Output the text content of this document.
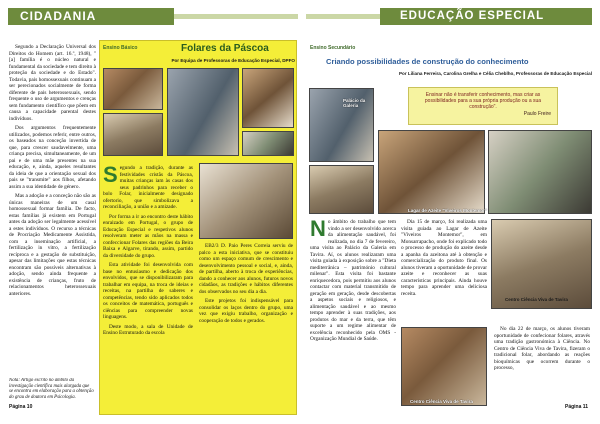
CIDADANIA

Segundo a Declaração Universal dos Direitos do Homem (art. 16.º, 1948), "[a] família é o núcleo natural e fundamental da sociedade e tem direito à proteção da sociedade e do Estado". Todavia, pais homossexuais continuam a ser perecionados socialmente de forma diferente de pais heterossexuais, sendo frequente o uso de argumentos e crenças sem fundamento científico que põem em causa a capacidade parental destes indivíduos.

Dos argumentos frequentemente utilizados, podemos referir, entre outros, os baseados na conceção invertida de que, para crescer saudavelmente, uma criança precisa, simultaneamente, de um pai e de uma mãe presentes na sua educação, e, ainda, aqueles resultantes da ideia de que a orientação sexual dos pais se "transmite" aos filhos, afetando assim a sua identidade de género.

Mas a adoção e a conceção não são as únicas maneiras de um casal homossexual formar família. De facto, estas famílias já existem em Portugal antes da adoção ser legalmente acessível a estes indivíduos. O recurso a técnicas de Procriação Medicamente Assistida, com a inseminação artificial, a fertilização in vitro, a fertilização recíproca e a gestação de substituição, apesar das limitações que estas técnicas encontram são possíveis alternativas à adoção, sendo ainda frequente a existência de crianças, fruto de relacionamentos heterossexuais anteriores.

Nota: Artigo escrito no âmbito da investigação científica mais alargada que se encontra em elaboração para a obtenção do grau de doutora em Psicologia.
Página 10
Ensino Básico	Folares da Páscoa
Por Equipa de Professoras de Educação Especial, DPFO
S egundo a tradição, durante as festividades cristãs da Páscoa, muitas crianças iam às casas dos seus padrinhos para receber o bolo Folar, inicialmente designado ofertorio, que simbolizava a reconciliação, a união e a amizade.

Por forma a ir ao encontro deste hábito enraizado em Portugal, o grupo de Educação Especial e respetivos alunos resolveram meter as mãos na massa e confeccionar Folares das regiões da Beira Baixa e Algarve, tirando, assim, partido da diversidade do grupo.

Esta atividade foi desenvolvida com base no entusiasmo e dedicação dos envolvidos, que se disponibilizaram para trabalhar em equipa, na troca de ideias e receitas, na partilha de saberes e competências, tendo sido aplicados todos os conceitos de matemática, português e ciências para compreender novas linguagens.

Deste modo, a sala de Unidade de Ensino Estruturado da escola

EB2/3 D. Paio Peres Correia serviu de palco a esta iniciativa, que se constituiu como um espaço comum de crescimento e desenvolvimento pessoal e social, e, ainda, de partilha, aberto à troca de experiências, dando a conhecer aos alunos, futuros novos cidadãos, as tradições e hábitos diferentes dos observados no seu dia a dia.

Este projetos foi indispensável para consolidar os laços dentro do grupo, uma vez que exigiu trabalho, organização e cooperação de todos e gerados.

EDUCAÇÃO ESPECIAL
Ensino Secundário
Criando possibilidades de construção do conhecimento
Por Liliana Ferreira, Carolina Grelha e Célia Cheblho, Professoras de Educação Especial
Ensinar não é transferir conhecimento, mas criar as possibilidades para a sua própria produção ou a sua construção".
Paulo Freire
Palácio da Galeria
Lagar de Azeite "Viveiros Montemor"
N o âmbito do trabalho que tem vindo a ser desenvolvido acerca da alimentação saudável, foi realizada, no dia 7 de fevereiro, uma visita ao Palácio da Galeria em Tavira. Aí, os alunos realizaram uma visita guiada à exposição sobre a "Dieta mediterrânica – património cultural milenar". Esta visita foi bastante enriquecedora, pois permitiu aos alunos contactar com material transmitido de geração em geração, desde descobertas a aspetos sociais e religiosos, e alimentação saudável e ao mesmo tempo aprender à suas tradições, aos produtos do mar e da terra, que têm suporte a um regime alimentar de excelência reconhecido pela OMS - Organização Mundial de Saúde.

Dia 15 de março, foi realizada uma visita guiada ao Lagar de Azeite "Viveiros Montemor", em Monsarrapacho, onde foi explicado todo o processo de produção do azeite desde a apanha da azeitona até à obtenção e comercialização do produto final. Os alunos tiveram a oportunidade de provar azeite e reconhecer as suas características principais. Ainda houve tempo para aprender uma deliciosa receita.

Centro Ciência Viva de Tavira
Centro Ciência Viva de Tavira

No dia 22 de março, os alunos tiveram oportunidade de confecionar folares, através uma tradição gastronómica à Ciência. No Centro de Ciência Viva de Tavira, fizeram o tradicional folar, abordando as reações bioquímicas que ocorrem durante o processo,

Página 11
